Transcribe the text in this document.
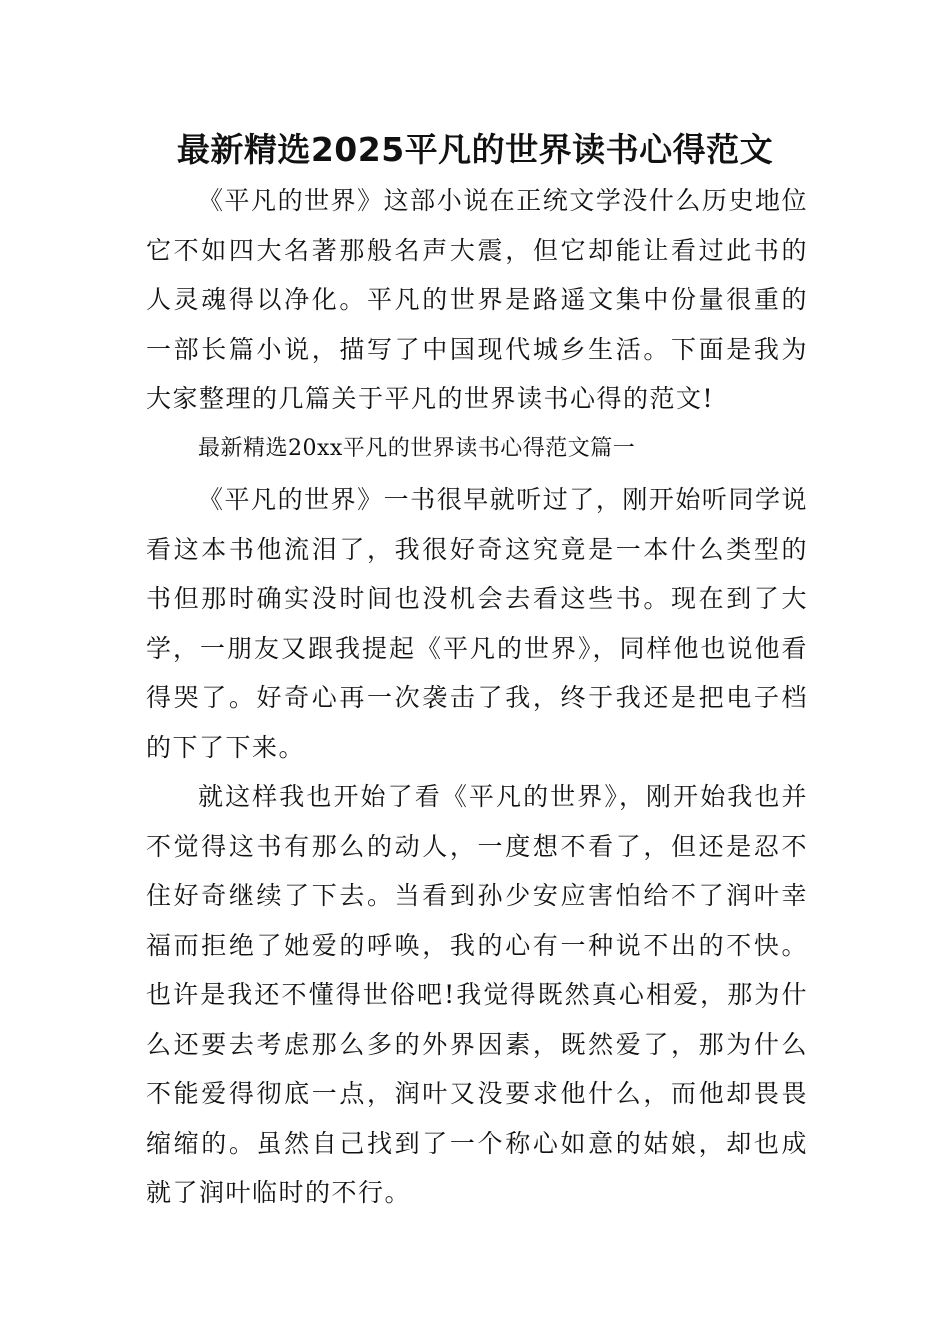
最新精选2025平凡的世界读书心得范文

《平凡的世界》这部小说在正统文学没什么历史地位它不如四大名著那般名声大震，但它却能让看过此书的人灵魂得以净化。平凡的世界是路遥文集中份量很重的一部长篇小说，描写了中国现代城乡生活。下面是我为大家整理的几篇关于平凡的世界读书心得的范文!

最新精选20xx平凡的世界读书心得范文篇一

《平凡的世界》一书很早就听过了，刚开始听同学说看这本书他流泪了，我很好奇这究竟是一本什么类型的书但那时确实没时间也没机会去看这些书。现在到了大学，一朋友又跟我提起《平凡的世界》，同样他也说他看得哭了。好奇心再一次袭击了我，终于我还是把电子档的下了下来。

就这样我也开始了看《平凡的世界》，刚开始我也并不觉得这书有那么的动人，一度想不看了，但还是忍不住好奇继续了下去。当看到孙少安应害怕给不了润叶幸福而拒绝了她爱的呼唤，我的心有一种说不出的不快。也许是我还不懂得世俗吧!我觉得既然真心相爱，那为什么还要去考虑那么多的外界因素，既然爱了，那为什么不能爱得彻底一点，润叶又没要求他什么，而他却畏畏缩缩的。虽然自己找到了一个称心如意的姑娘，却也成就了润叶临时的不行。
